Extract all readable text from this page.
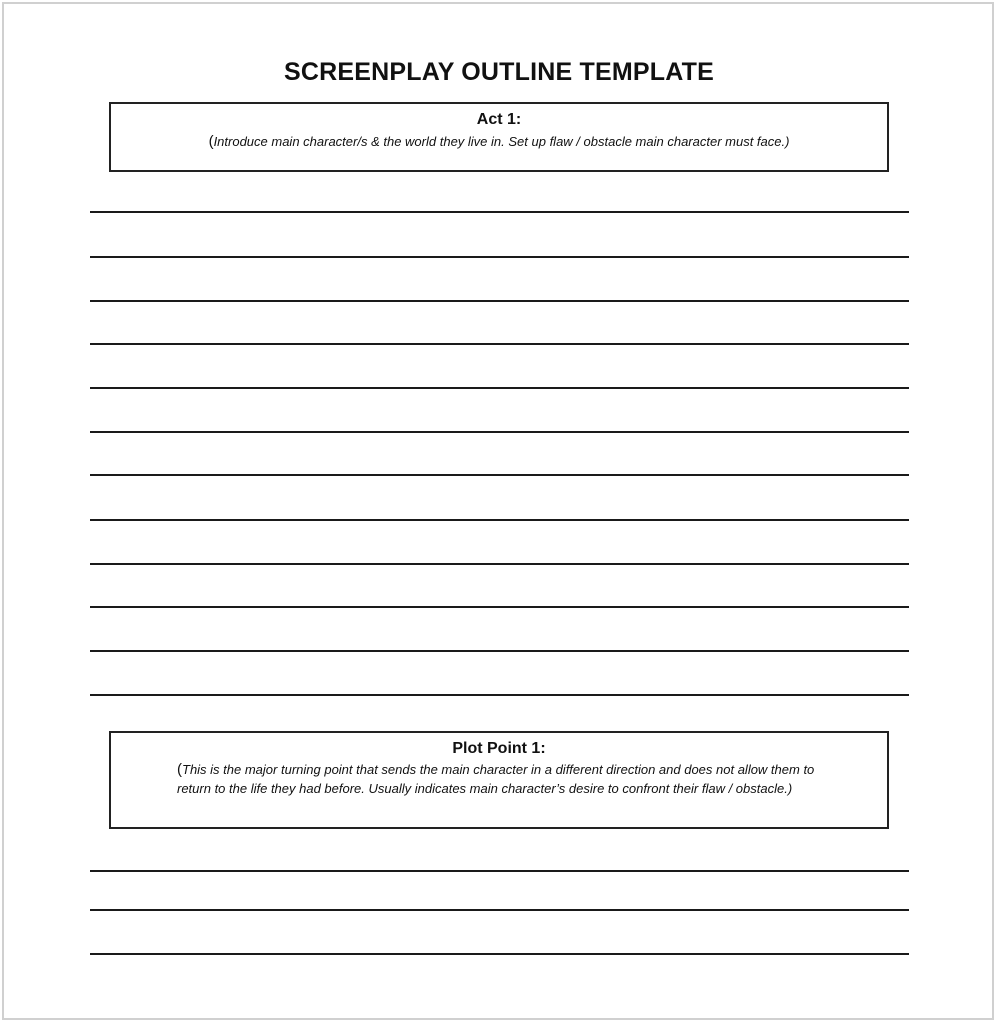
SCREENPLAY OUTLINE TEMPLATE
Act 1:
(Introduce main character/s & the world they live in. Set up flaw / obstacle main character must face.)
Plot Point 1:
(This is the major turning point that sends the main character in a different direction and does not allow them to return to the life they had before. Usually indicates main character’s desire to confront their flaw / obstacle.)
